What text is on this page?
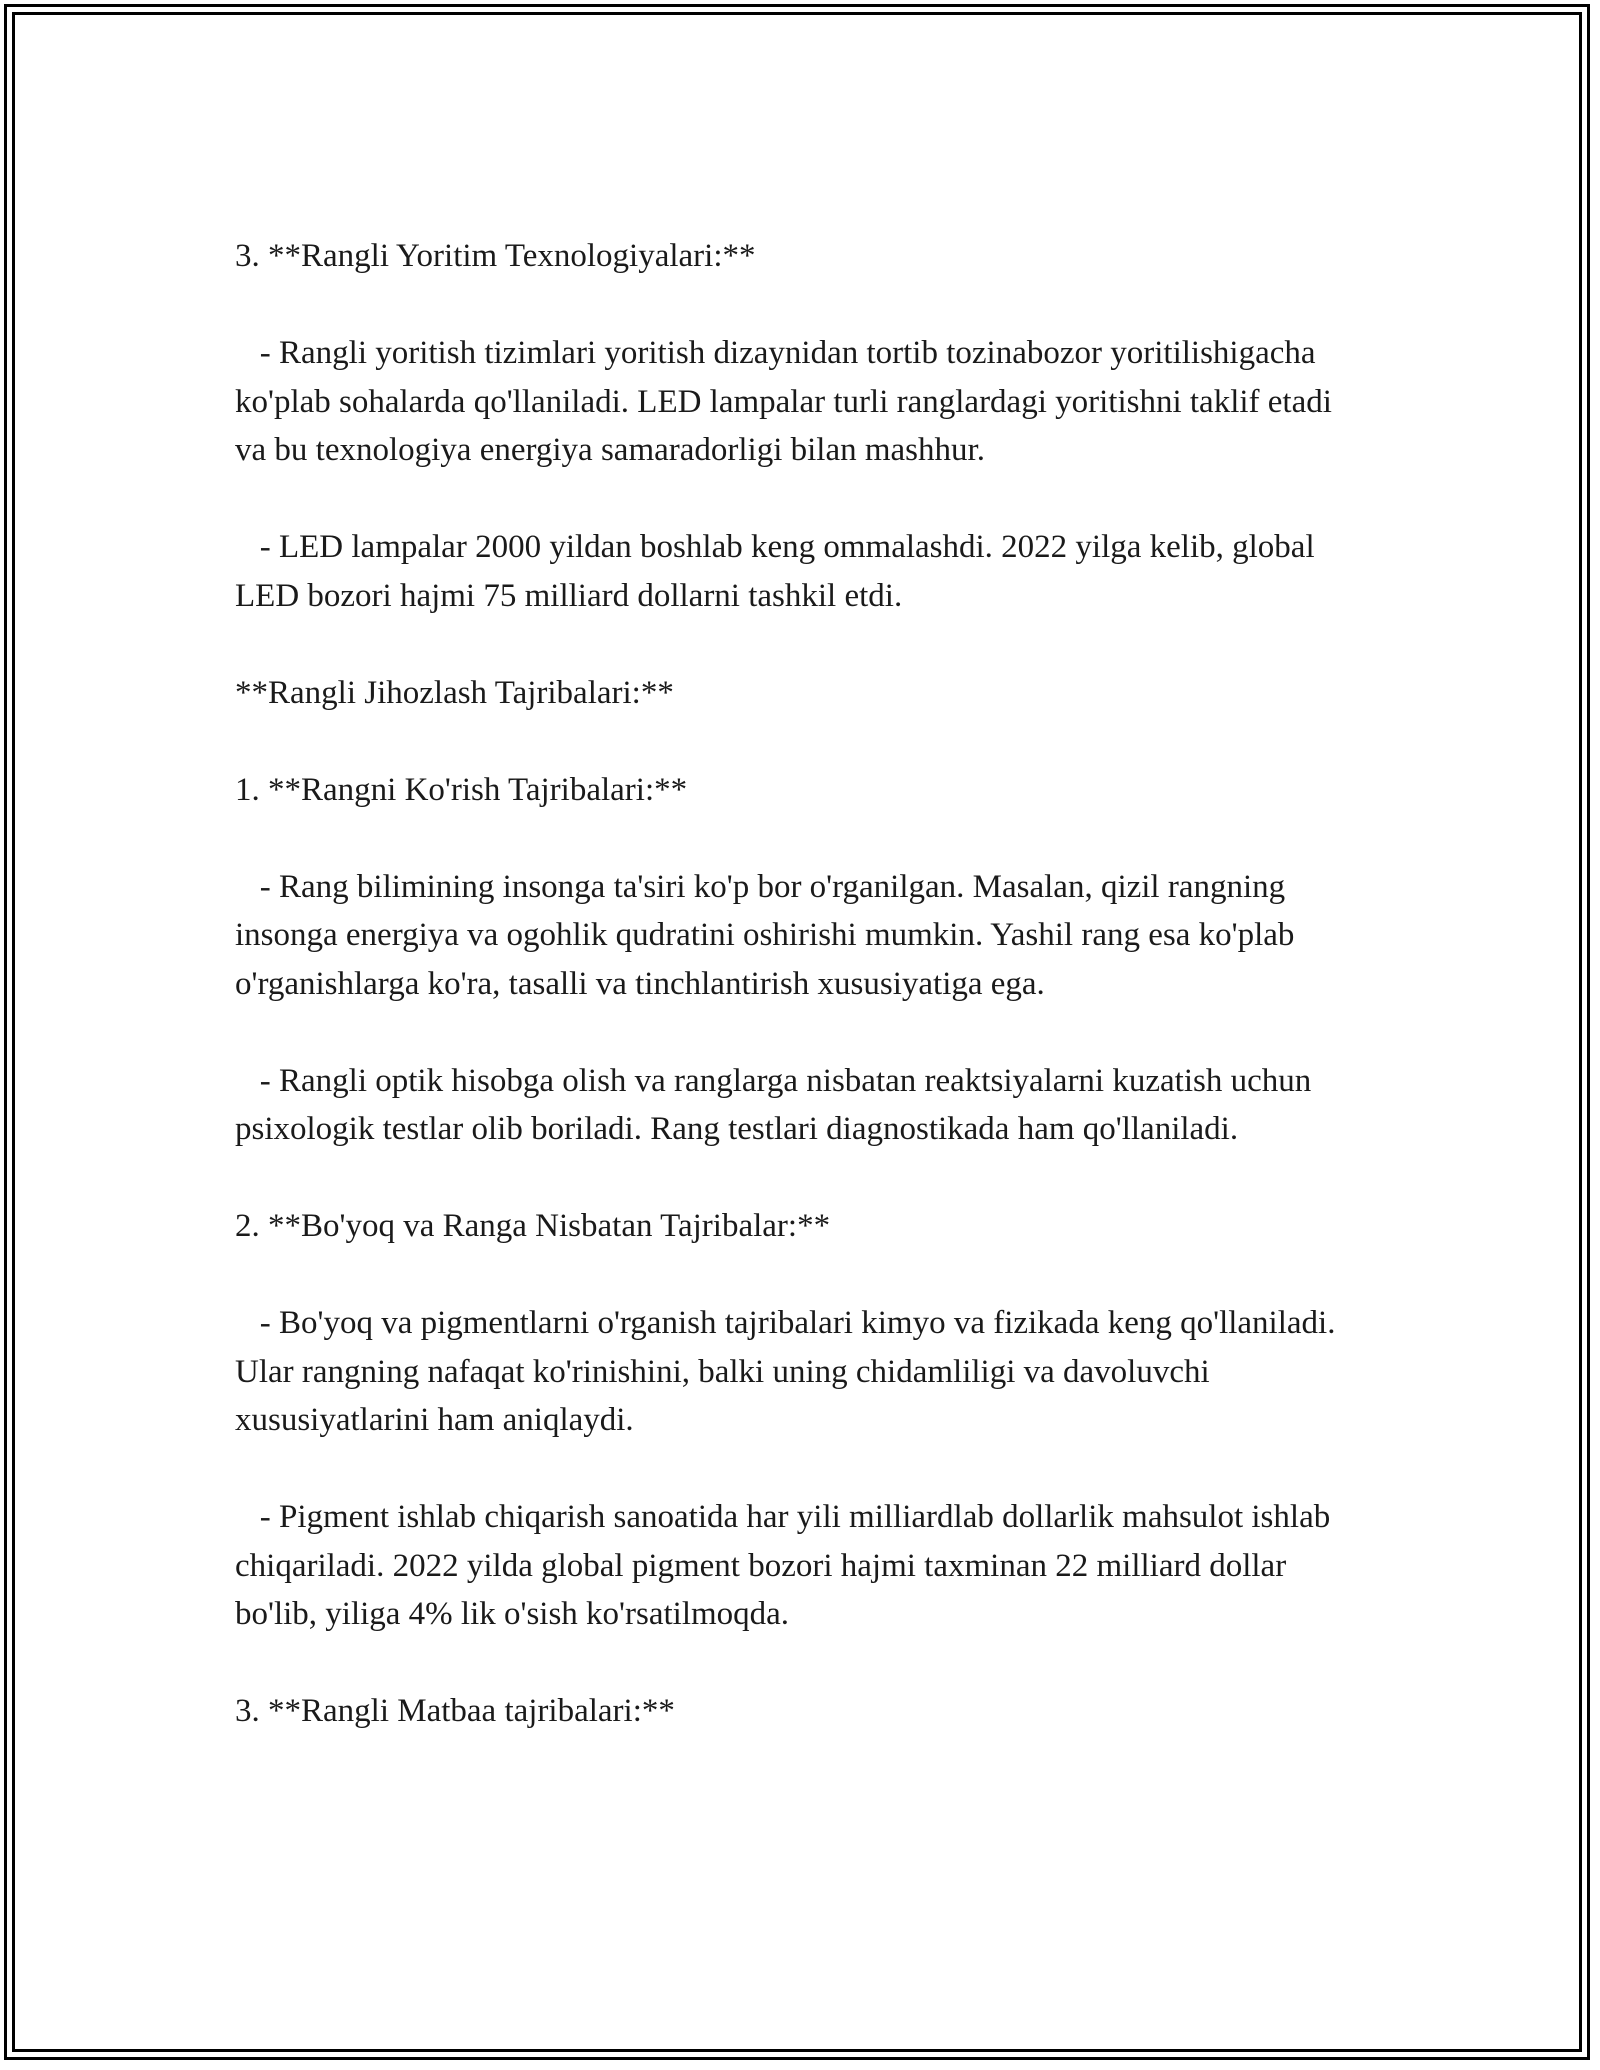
3. **Rangli Yoritim Texnologiyalari:**

- Rangli yoritish tizimlari yoritish dizaynidan tortib tozinabozor yoritilishigacha ko'plab sohalarda qo'llaniladi. LED lampalar turli ranglardagi yoritishni taklif etadi va bu texnologiya energiya samaradorligi bilan mashhur.

- LED lampalar 2000 yildan boshlab keng ommalashdi. 2022 yilga kelib, global LED bozori hajmi 75 milliard dollarni tashkil etdi.

**Rangli Jihozlash Tajribalari:**

1. **Rangni Ko'rish Tajribalari:**

- Rang bilimining insonga ta'siri ko'p bor o'rganilgan. Masalan, qizil rangning insonga energiya va ogohlik qudratini oshirishi mumkin. Yashil rang esa ko'plab o'rganishlarga ko'ra, tasalli va tinchlantirish xususiyatiga ega.

- Rangli optik hisobga olish va ranglarga nisbatan reaktsiyalarni kuzatish uchun psixologik testlar olib boriladi. Rang testlari diagnostikada ham qo'llaniladi.

2. **Bo'yoq va Ranga Nisbatan Tajribalar:**

- Bo'yoq va pigmentlarni o'rganish tajribalari kimyo va fizikada keng qo'llaniladi. Ular rangning nafaqat ko'rinishini, balki uning chidamliligi va davoluvchi xususiyatlarini ham aniqlaydi.

- Pigment ishlab chiqarish sanoatida har yili milliardlab dollarlik mahsulot ishlab chiqariladi. 2022 yilda global pigment bozori hajmi taxminan 22 milliard dollar bo'lib, yiliga 4% lik o'sish ko'rsatilmoqda.

3. **Rangli Matbaa tajribalari:**
